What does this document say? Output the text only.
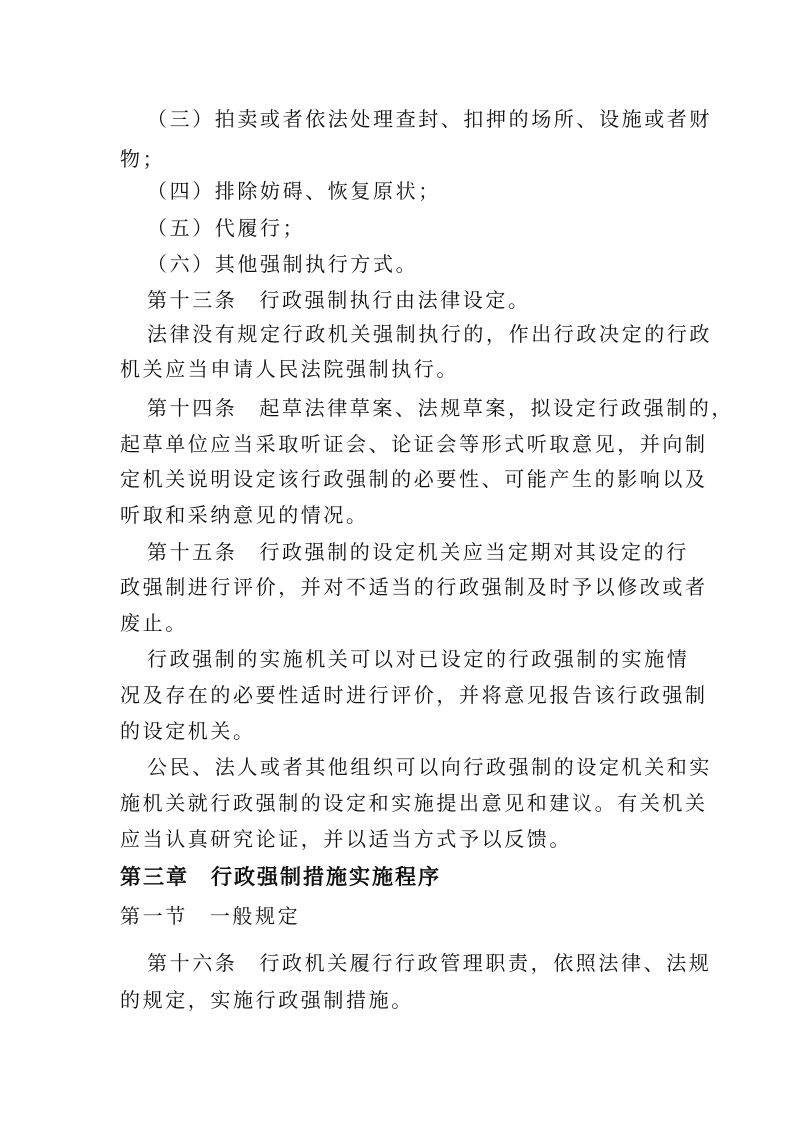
（三）拍卖或者依法处理查封、扣押的场所、设施或者财
物；
（四）排除妨碍、恢复原状；
（五）代履行；
（六）其他强制执行方式。
第十三条 行政强制执行由法律设定。
法律没有规定行政机关强制执行的，作出行政决定的行政
机关应当申请人民法院强制执行。
第十四条 起草法律草案、法规草案，拟设定行政强制的，
起草单位应当采取听证会、论证会等形式听取意见，并向制
定机关说明设定该行政强制的必要性、可能产生的影响以及
听取和采纳意见的情况。
第十五条 行政强制的设定机关应当定期对其设定的行
政强制进行评价，并对不适当的行政强制及时予以修改或者
废止。
行政强制的实施机关可以对已设定的行政强制的实施情
况及存在的必要性适时进行评价，并将意见报告该行政强制
的设定机关。
公民、法人或者其他组织可以向行政强制的设定机关和实
施机关就行政强制的设定和实施提出意见和建议。有关机关
应当认真研究论证，并以适当方式予以反馈。
第三章 行政强制措施实施程序
第一节 一般规定
第十六条 行政机关履行行政管理职责，依照法律、法规
的规定，实施行政强制措施。
